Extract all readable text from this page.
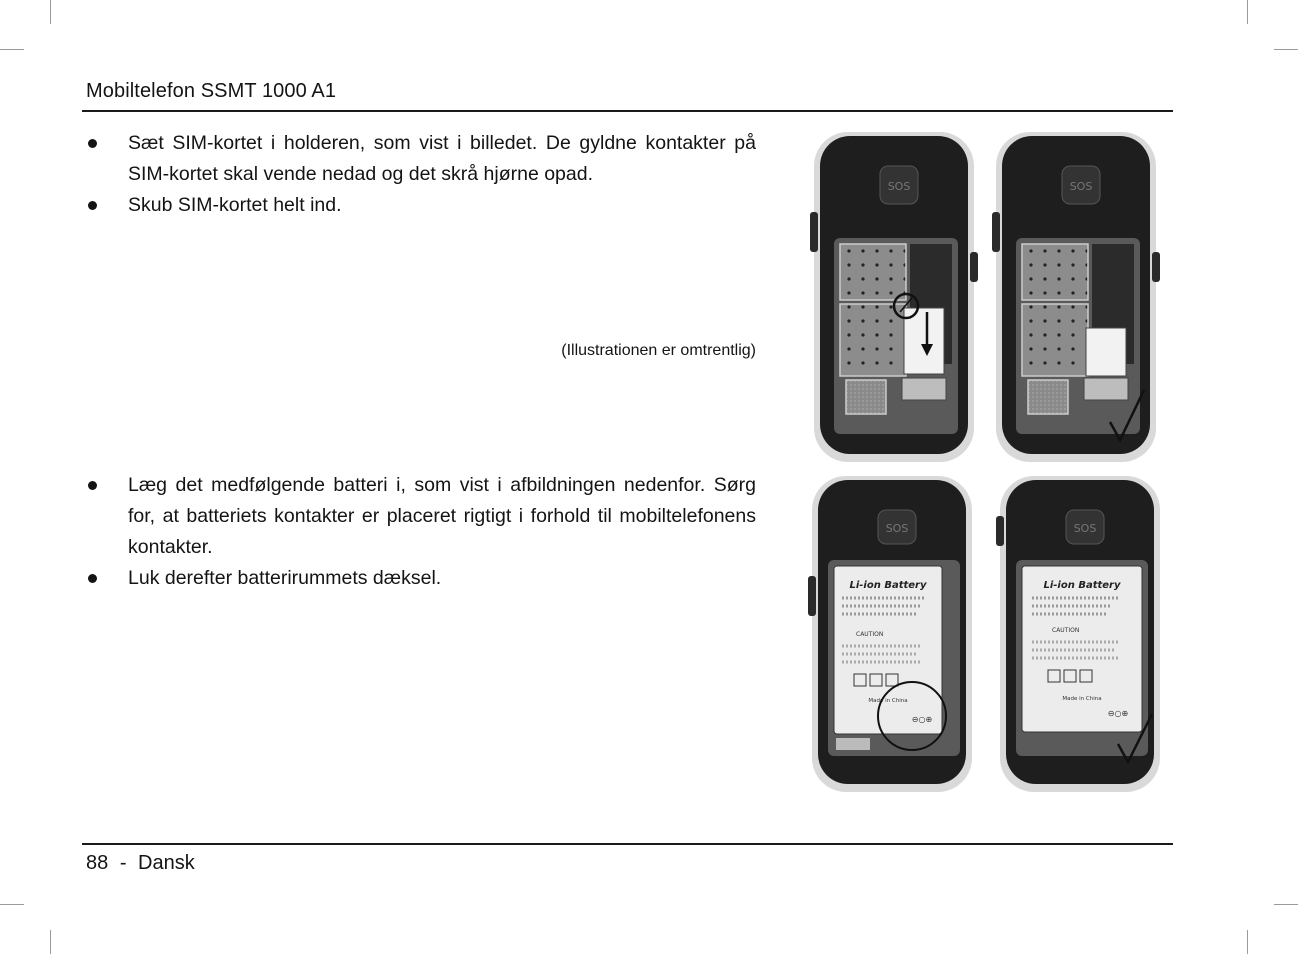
Mobiltelefon SSMT 1000 A1
Sæt SIM-kortet i holderen, som vist i billedet. De gyldne kontakter på SIM-kortet skal vende nedad og det skrå hjørne opad.
Skub SIM-kortet helt ind.
(Illustrationen er omtrentlig)
Læg det medfølgende batteri i, som vist i afbildningen nedenfor. Sørg for, at batteriets kontakter er placeret rigtigt i forhold til mobiltelefonens kontakter.
Luk derefter batterirummets dæksel.
SOS	SOS
SOS
Li-ion Battery
CAUTION
Made in China
⊖○⊕
SOS
Li-ion Battery
CAUTION
Made in China
⊖○⊕
88 - Dansk
